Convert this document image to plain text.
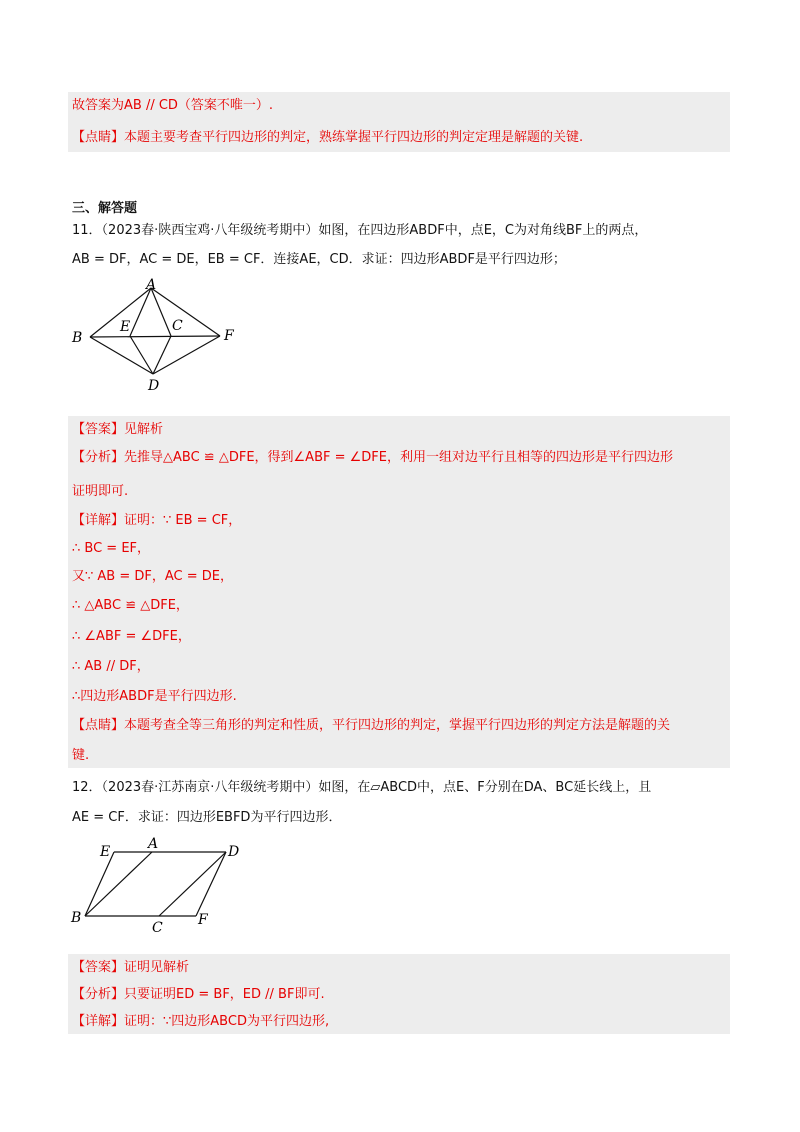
故答案为AB // CD（答案不唯一）.
【点睛】本题主要考查平行四边形的判定，熟练掌握平行四边形的判定定理是解题的关键.
三、解答题
11．（2023春·陕西宝鸡·八年级统考期中）如图，在四边形ABDF中，点E，C为对角线BF上的两点，
AB = DF，AC = DE，EB = CF．连接AE，CD．求证：四边形ABDF是平行四边形；
A
B
E	C
F
D
【答案】见解析
【分析】先推导△ABC ≌ △DFE，得到∠ABF = ∠DFE，利用一组对边平行且相等的四边形是平行四边形
证明即可.
【详解】证明：∵ EB = CF，
∴ BC = EF，
又∵ AB = DF，AC = DE，
∴ △ABC ≌ △DFE，
∴ ∠ABF = ∠DFE，
∴ AB // DF，
∴四边形ABDF是平行四边形.
【点睛】本题考查全等三角形的判定和性质，平行四边形的判定，掌握平行四边形的判定方法是解题的关
键.
12．（2023春·江苏南京·八年级统考期中）如图，在▱ABCD中，点E、F分别在DA、BC延长线上，且
AE = CF．求证：四边形EBFD为平行四边形．
E	A	D
B
C	F
【答案】证明见解析
【分析】只要证明ED = BF，ED // BF即可.
【详解】证明：∵四边形ABCD为平行四边形,
